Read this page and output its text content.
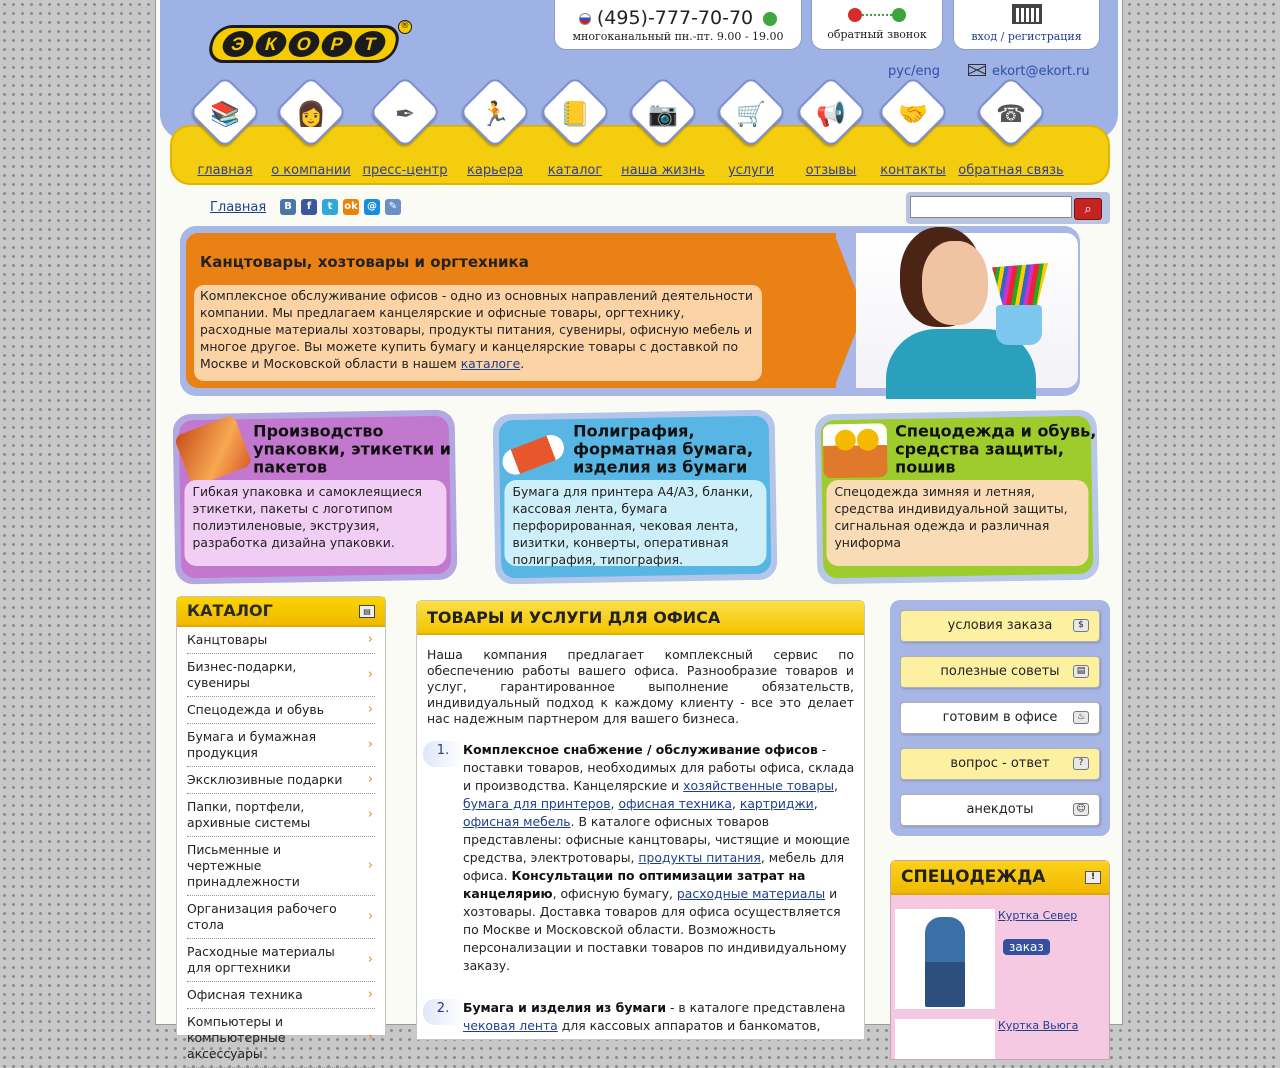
Э К О Р Т
®	(495)-777-70-70
многоканальный пн.-пт. 9.00 - 19.00	обратный звонок	вход / регистрация
рус/eng	ekort@ekort.ru
📚
главная
👩
о компании
✒
пресс-центр
🏃
карьера
📒
каталог
📷
наша жизнь
🛒
услуги
📢
отзывы
🤝
контакты
☎
обратная связь
Главная	B	f	t	ok @	✎	⌕
Канцтовары, хозтовары и оргтехника
Комплексное обслуживание офисов - одно из основных направлений деятельности компании. Мы предлагаем канцелярские и офисные товары, оргтехнику, расходные материалы хозтовары, продукты питания, сувениры, офисную мебель и многое другое. Вы можете купить бумагу и канцелярские товары с доставкой по Москве и Московской области в нашем каталоге.
Производство упаковки, этикетки и пакетов
Гибкая упаковка и самоклеящиеся этикетки, пакеты с логотипом полиэтиленовые, экструзия, разработка дизайна упаковки.
Полиграфия, форматная бумага, изделия из бумаги
Бумага для принтера А4/А3, бланки, кассовая лента, бумага перфорированная, чековая лента, визитки, конверты, оперативная полиграфия, типография.
Спецодежда и обувь, средства защиты, пошив
Спецодежда зимняя и летняя, средства индивидуальной защиты, сигнальная одежда и различная униформа
КАТАЛОГ	▤
Канцтовары	›
Бизнес-подарки, сувениры
›
Спецодежда и обувь	›
Бумага и бумажная продукция
›
Эксклюзивные подарки ›
Папки, портфели, архивные системы
›
Письменные и чертежные принадлежности
›
Организация рабочего стола
›
Расходные материалы для оргтехники
›
Офисная техника	›
Компьютеры и компьютерные аксессуары
›
ТОВАРЫ И УСЛУГИ ДЛЯ ОФИСА

Наша компания предлагает комплексный сервис по обеспечению работы вашего офиса. Разнообразие товаров и услуг, гарантированное выполнение обязательств, индивидуальный подход к каждому клиенту - все это делает нас надежным партнером для вашего бизнеса.

1.	Комплексное снабжение / обслуживание офисов - поставки товаров, необходимых для работы офиса, склада и производства. Канцелярские и хозяйственные товары, бумага для принтеров, офисная техника, картриджи, офисная мебель. В каталоге офисных товаров представлены: офисные канцтовары, чистящие и моющие средства, электротовары, продукты питания, мебель для офиса. Консультации по оптимизации затрат на канцелярию, офисную бумагу, расходные материалы и хозтовары. Доставка товаров для офиса осуществляется по Москве и Московской области. Возможность персонализации и поставки товаров по индивидуальному заказу.
2.	Бумага и изделия из бумаги - в каталоге представлена чековая лента для кассовых аппаратов и банкоматов,
условия заказа	$
полезные советы	▤
готовим в офисе	♨
вопрос - ответ	?
анекдоты	☺
СПЕЦОДЕЖДА	!
Куртка Север
заказ
Куртка Вьюга
